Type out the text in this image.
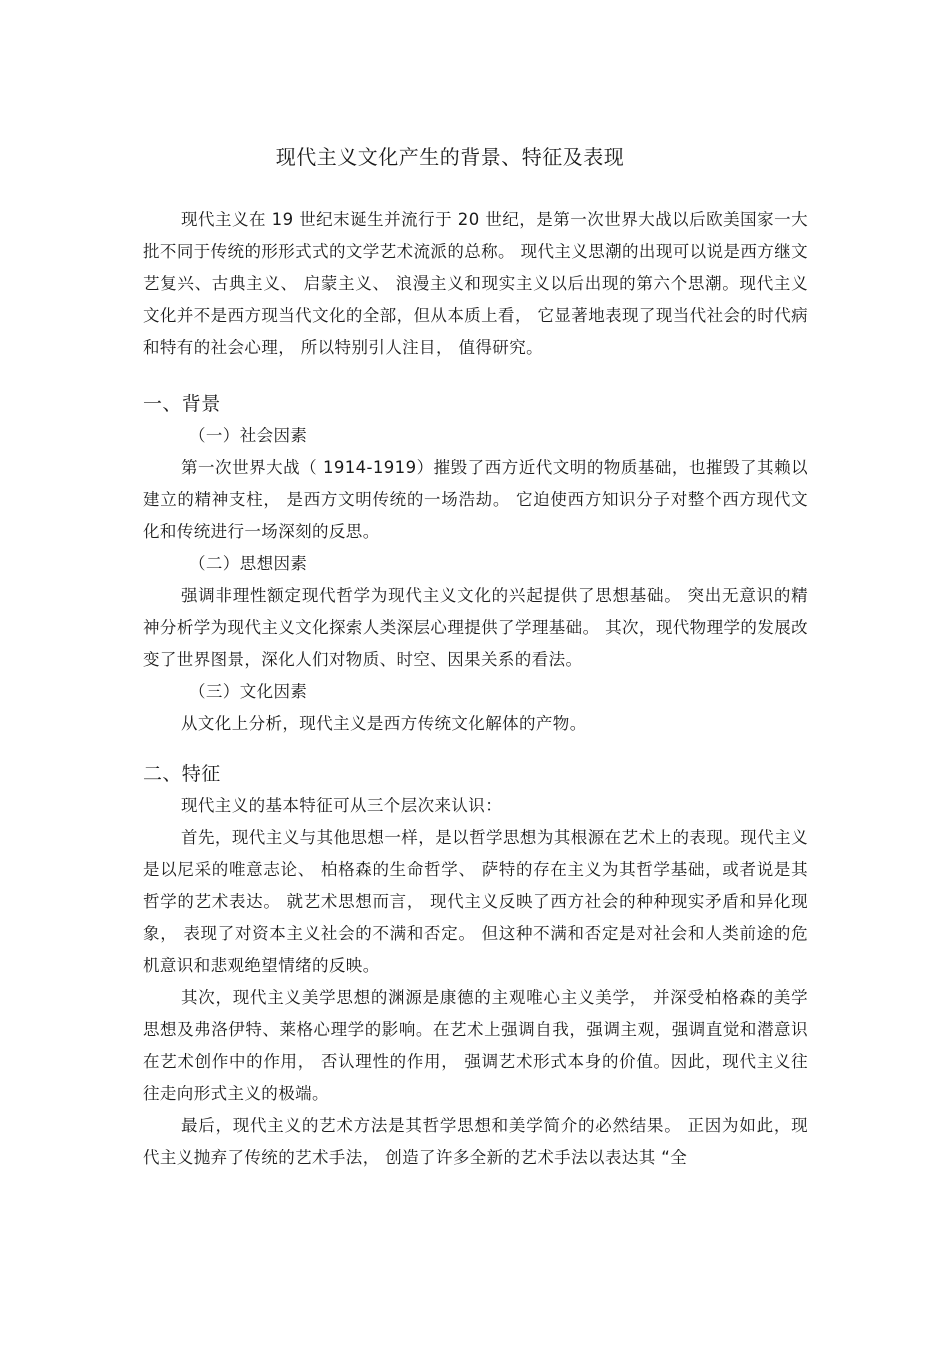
现代主义文化产生的背景、特征及表现

现代主义在 19 世纪末诞生并流行于 20 世纪，是第一次世界大战以后欧美国家一大批不同于传统的形形式式的文学艺术流派的总称。 现代主义思潮的出现可以说是西方继文艺复兴、古典主义、 启蒙主义、 浪漫主义和现实主义以后出现的第六个思潮。现代主义文化并不是西方现当代文化的全部，但从本质上看， 它显著地表现了现当代社会的时代病和特有的社会心理， 所以特别引人注目， 值得研究。

一、背景

（一）社会因素

第一次世界大战（ 1914-1919）摧毁了西方近代文明的物质基础，也摧毁了其赖以建立的精神支柱， 是西方文明传统的一场浩劫。 它迫使西方知识分子对整个西方现代文化和传统进行一场深刻的反思。

（二）思想因素

强调非理性额定现代哲学为现代主义文化的兴起提供了思想基础。 突出无意识的精神分析学为现代主义文化探索人类深层心理提供了学理基础。 其次，现代物理学的发展改变了世界图景，深化人们对物质、时空、因果关系的看法。

（三）文化因素

从文化上分析，现代主义是西方传统文化解体的产物。

二、特征

现代主义的基本特征可从三个层次来认识：

首先，现代主义与其他思想一样，是以哲学思想为其根源在艺术上的表现。现代主义是以尼采的唯意志论、 柏格森的生命哲学、 萨特的存在主义为其哲学基础，或者说是其哲学的艺术表达。 就艺术思想而言， 现代主义反映了西方社会的种种现实矛盾和异化现象， 表现了对资本主义社会的不满和否定。 但这种不满和否定是对社会和人类前途的危机意识和悲观绝望情绪的反映。

其次，现代主义美学思想的渊源是康德的主观唯心主义美学， 并深受柏格森的美学思想及弗洛伊特、莱格心理学的影响。在艺术上强调自我，强调主观，强调直觉和潜意识在艺术创作中的作用， 否认理性的作用， 强调艺术形式本身的价值。因此，现代主义往往走向形式主义的极端。

最后，现代主义的艺术方法是其哲学思想和美学简介的必然结果。 正因为如此，现代主义抛弃了传统的艺术手法， 创造了许多全新的艺术手法以表达其 “全
